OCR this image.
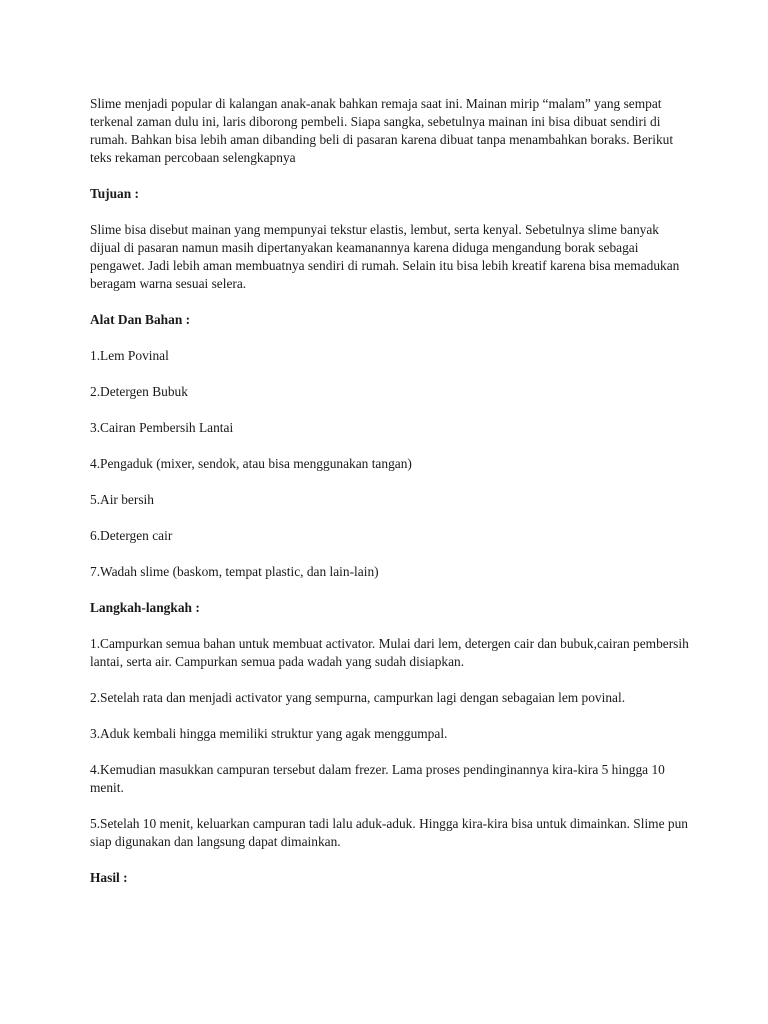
Slime menjadi popular di kalangan anak-anak bahkan remaja saat ini. Mainan mirip “malam” yang sempat terkenal zaman dulu ini, laris diborong pembeli. Siapa sangka, sebetulnya mainan ini bisa dibuat sendiri di rumah. Bahkan bisa lebih aman dibanding beli di pasaran karena dibuat tanpa menambahkan boraks. Berikut teks rekaman percobaan selengkapnya

Tujuan :

Slime bisa disebut mainan yang mempunyai tekstur elastis, lembut, serta kenyal. Sebetulnya slime banyak dijual di pasaran namun masih dipertanyakan keamanannya karena diduga mengandung borak sebagai pengawet. Jadi lebih aman membuatnya sendiri di rumah. Selain itu bisa lebih kreatif karena bisa memadukan beragam warna sesuai selera.

Alat Dan Bahan :

1.Lem Povinal

2.Detergen Bubuk

3.Cairan Pembersih Lantai

4.Pengaduk (mixer, sendok, atau bisa menggunakan tangan)

5.Air bersih

6.Detergen cair

7.Wadah slime (baskom, tempat plastic, dan lain-lain)

Langkah-langkah :

1.Campurkan semua bahan untuk membuat activator. Mulai dari lem, detergen cair dan bubuk,cairan pembersih lantai, serta air. Campurkan semua pada wadah yang sudah disiapkan.

2.Setelah rata dan menjadi activator yang sempurna, campurkan lagi dengan sebagaian lem povinal.

3.Aduk kembali hingga memiliki struktur yang agak menggumpal.

4.Kemudian masukkan campuran tersebut dalam frezer. Lama proses pendinginannya kira-kira 5 hingga 10 menit.

5.Setelah 10 menit, keluarkan campuran tadi lalu aduk-aduk. Hingga kira-kira bisa untuk dimainkan. Slime pun siap digunakan dan langsung dapat dimainkan.

Hasil :
